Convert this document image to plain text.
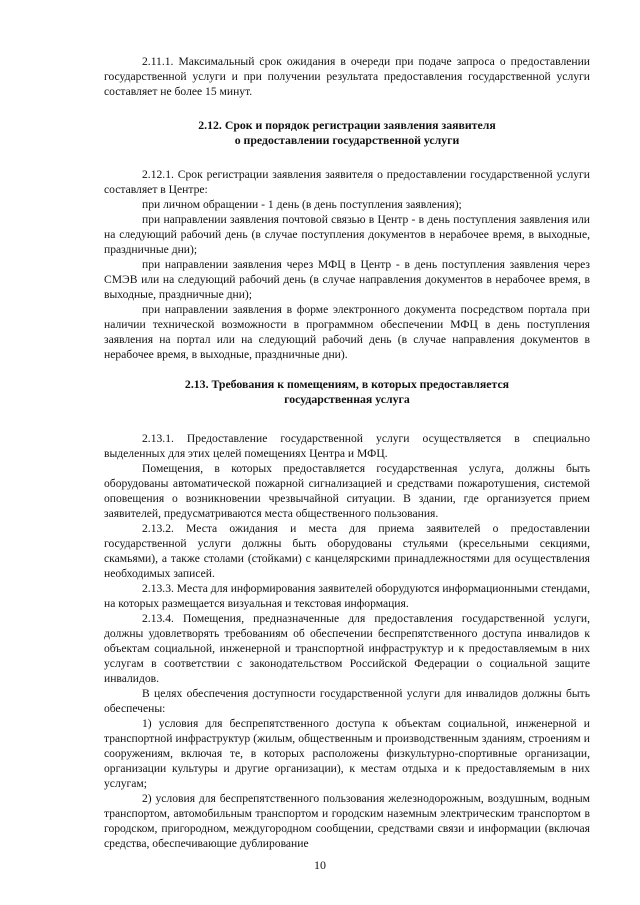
2.11.1. Максимальный срок ожидания в очереди при подаче запроса о предоставлении государственной услуги и при получении результата предоставления государственной услуги составляет не более 15 минут.

2.12. Срок и порядок регистрации заявления заявителя
о предоставлении государственной услуги

2.12.1. Срок регистрации заявления заявителя о предоставлении государственной услуги составляет в Центре:

при личном обращении - 1 день (в день поступления заявления);

при направлении заявления почтовой связью в Центр - в день поступления заявления или на следующий рабочий день (в случае поступления документов в нерабочее время, в выходные, праздничные дни);

при направлении заявления через МФЦ в Центр - в день поступления заявления через СМЭВ или на следующий рабочий день (в случае направления документов в нерабочее время, в выходные, праздничные дни);

при направлении заявления в форме электронного документа посредством портала при наличии технической возможности в программном обеспечении МФЦ в день поступления заявления на портал или на следующий рабочий день (в случае направления документов в нерабочее время, в выходные, праздничные дни).

2.13. Требования к помещениям, в которых предоставляется
государственная услуга

2.13.1. Предоставление государственной услуги осуществляется в специально выделенных для этих целей помещениях Центра и МФЦ.

Помещения, в которых предоставляется государственная услуга, должны быть оборудованы автоматической пожарной сигнализацией и средствами пожаротушения, системой оповещения о возникновении чрезвычайной ситуации. В здании, где организуется прием заявителей, предусматриваются места общественного пользования.

2.13.2. Места ожидания и места для приема заявителей о предоставлении государственной услуги должны быть оборудованы стульями (кресельными секциями, скамьями), а также столами (стойками) с канцелярскими принадлежностями для осуществления необходимых записей.

2.13.3. Места для информирования заявителей оборудуются информационными стендами, на которых размещается визуальная и текстовая информация.

2.13.4. Помещения, предназначенные для предоставления государственной услуги, должны удовлетворять требованиям об обеспечении беспрепятственного доступа инвалидов к объектам социальной, инженерной и транспортной инфраструктур и к предоставляемым в них услугам в соответствии с законодательством Российской Федерации о социальной защите инвалидов.

В целях обеспечения доступности государственной услуги для инвалидов должны быть обеспечены:

1) условия для беспрепятственного доступа к объектам социальной, инженерной и транспортной инфраструктур (жилым, общественным и производственным зданиям, строениям и сооружениям, включая те, в которых расположены физкультурно-спортивные организации, организации культуры и другие организации), к местам отдыха и к предоставляемым в них услугам;

2) условия для беспрепятственного пользования железнодорожным, воздушным, водным транспортом, автомобильным транспортом и городским наземным электрическим транспортом в городском, пригородном, междугородном сообщении, средствами связи и информации (включая средства, обеспечивающие дублирование

10
